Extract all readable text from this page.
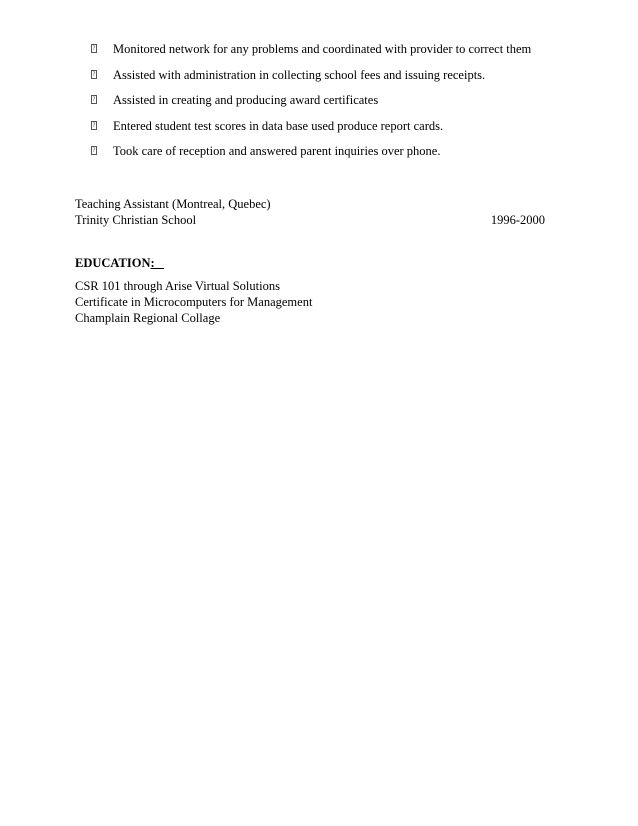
? Monitored network for any problems and coordinated with provider to correct them
? Assisted with administration in collecting school fees and issuing receipts.
? Assisted in creating and producing award certificates
? Entered student test scores in data base used produce report cards.
? Took care of reception and answered parent inquiries over phone.
Teaching Assistant (Montreal, Quebec)
Trinity Christian School	1996-2000
EDUCATION:
CSR 101 through Arise Virtual Solutions
Certificate in Microcomputers for Management
Champlain Regional Collage
